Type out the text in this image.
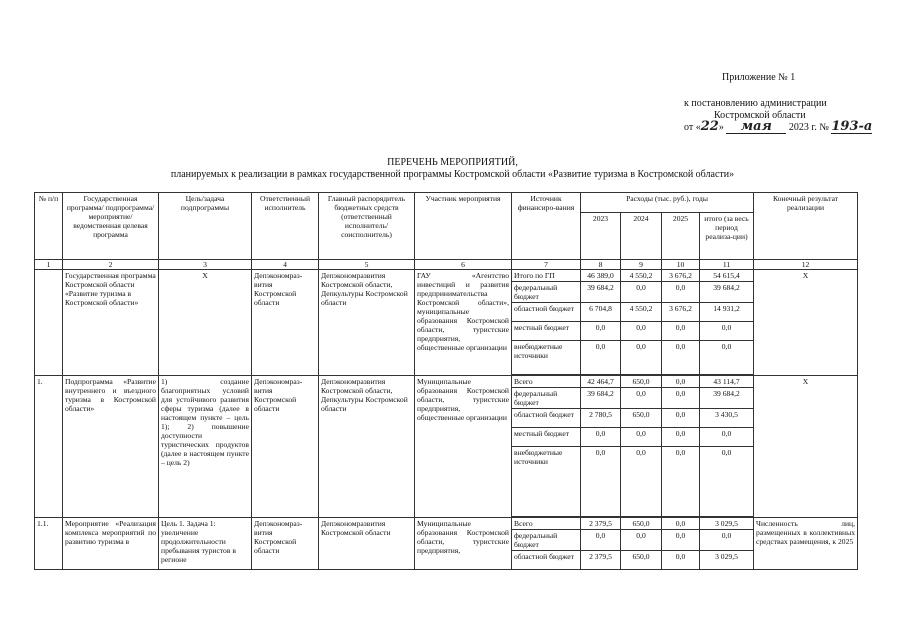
Приложение № 1
к постановлению администрации
Костромской области
от «22» мая 2023 г. № 193-а
ПЕРЕЧЕНЬ МЕРОПРИЯТИЙ,
планируемых к реализации в рамках государственной программы Костромской области «Развитие туризма в Костромской области»
№ п/п	Государственная программа/ подпрограмма/ мероприятие/ ведомственная целевая программа	Цель/задача подпрограммы	Ответственный исполнитель	Главный распорядитель бюджетных средств (ответственный исполнитель/соисполнитель)	Участник мероприятия	Источник финансиро-вания	Расходы (тыс. руб.), годы				Конечный результат реализации
							2023	2024	2025	итого (за весь период реализа-ции)	
1	2	3	4	5	6	7	8	9	10	11	12
	Государственная программа Костромской области «Развитие туризма в Костромской области»	Х	Депэкономраз-вития Костромской области	Депэкономразвития Костромской области, Депкультуры Костромской области	ГАУ «Агентство инвестиций и развития предпринимательства Костромской области», муниципальные образования Костромской области, туристские предприятия, общественные организации	Итого по ГП	46 389,0	4 550,2	3 676,2	54 615,4	Х
						федеральный бюджет	39 684,2	0,0	0,0	39 684,2	
						областной бюджет	6 704,8	4 550,2	3 676,2	14 931,2	
						местный бюджет	0,0	0,0	0,0	0,0	
						внебюджетные источники	0,0	0,0	0,0	0,0	

1.	Подпрограмма «Развитие внутреннего и въездного туризма в Костромской области»	1) создание благоприятных условий для устойчивого развития сферы туризма (далее в настоящем пункте – цель 1); 2) повышение доступности туристических продуктов (далее в настоящем пункте – цель 2)	Депэкономраз-вития Костромской области	Депэкономразвития Костромской области, Депкультуры Костромской области	Муниципальные образования Костромской области, туристские предприятия, общественные организации	Всего	42 464,7	650,0	0,0	43 114,7	Х
						федеральный бюджет	39 684,2	0,0	0,0	39 684,2	
						областной бюджет	2 780,5	650,0	0,0	3 430,5	
						местный бюджет	0,0	0,0	0,0	0,0	
						внебюджетные источники	0,0	0,0	0,0	0,0	

1.1.	Мероприятие «Реализация комплекса мероприятий по развитию туризма в	Цель 1. Задача 1: увеличение продолжительности пребывания туристов в регионе	Депэкономраз-вития Костромской области	Депэкономразвития Костромской области	Муниципальные образования Костромской области, туристские предприятия,	Всего	2 379,5	650,0	0,0	3 029,5	Численность лиц, размещенных в коллективных средствах размещения, к 2025
						федеральный бюджет	0,0	0,0	0,0	0,0	
						областной бюджет	2 379,5	650,0	0,0	3 029,5	
